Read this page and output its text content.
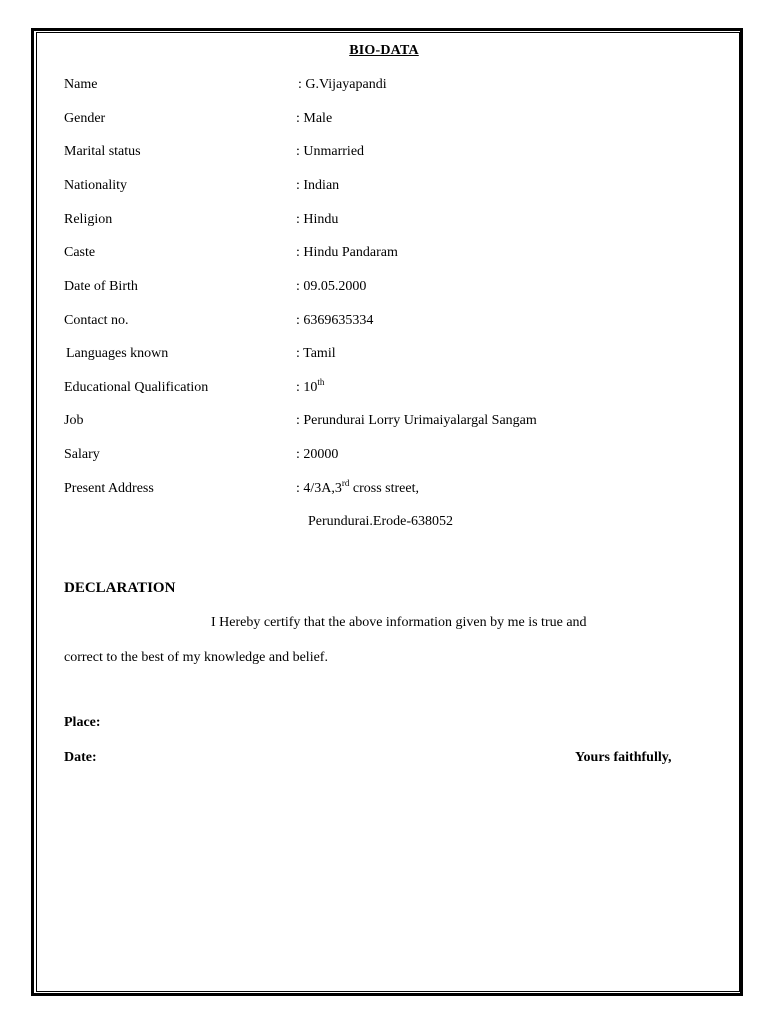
BIO-DATA
Name	: G.Vijayapandi
Gender	: Male
Marital status	: Unmarried
Nationality	: Indian
Religion	: Hindu
Caste	: Hindu Pandaram
Date of Birth	: 09.05.2000
Contact no.	: 6369635334
Languages known	: Tamil
Educational Qualification	: 10th
Job	: Perundurai Lorry Urimaiyalargal Sangam
Salary	: 20000
Present Address	: 4/3A,3rd cross street,
Perundurai.Erode-638052
DECLARATION
I Hereby certify that the above information given by me is true and
correct to the best of my knowledge and belief.
Place:
Date:	Yours faithfully,
